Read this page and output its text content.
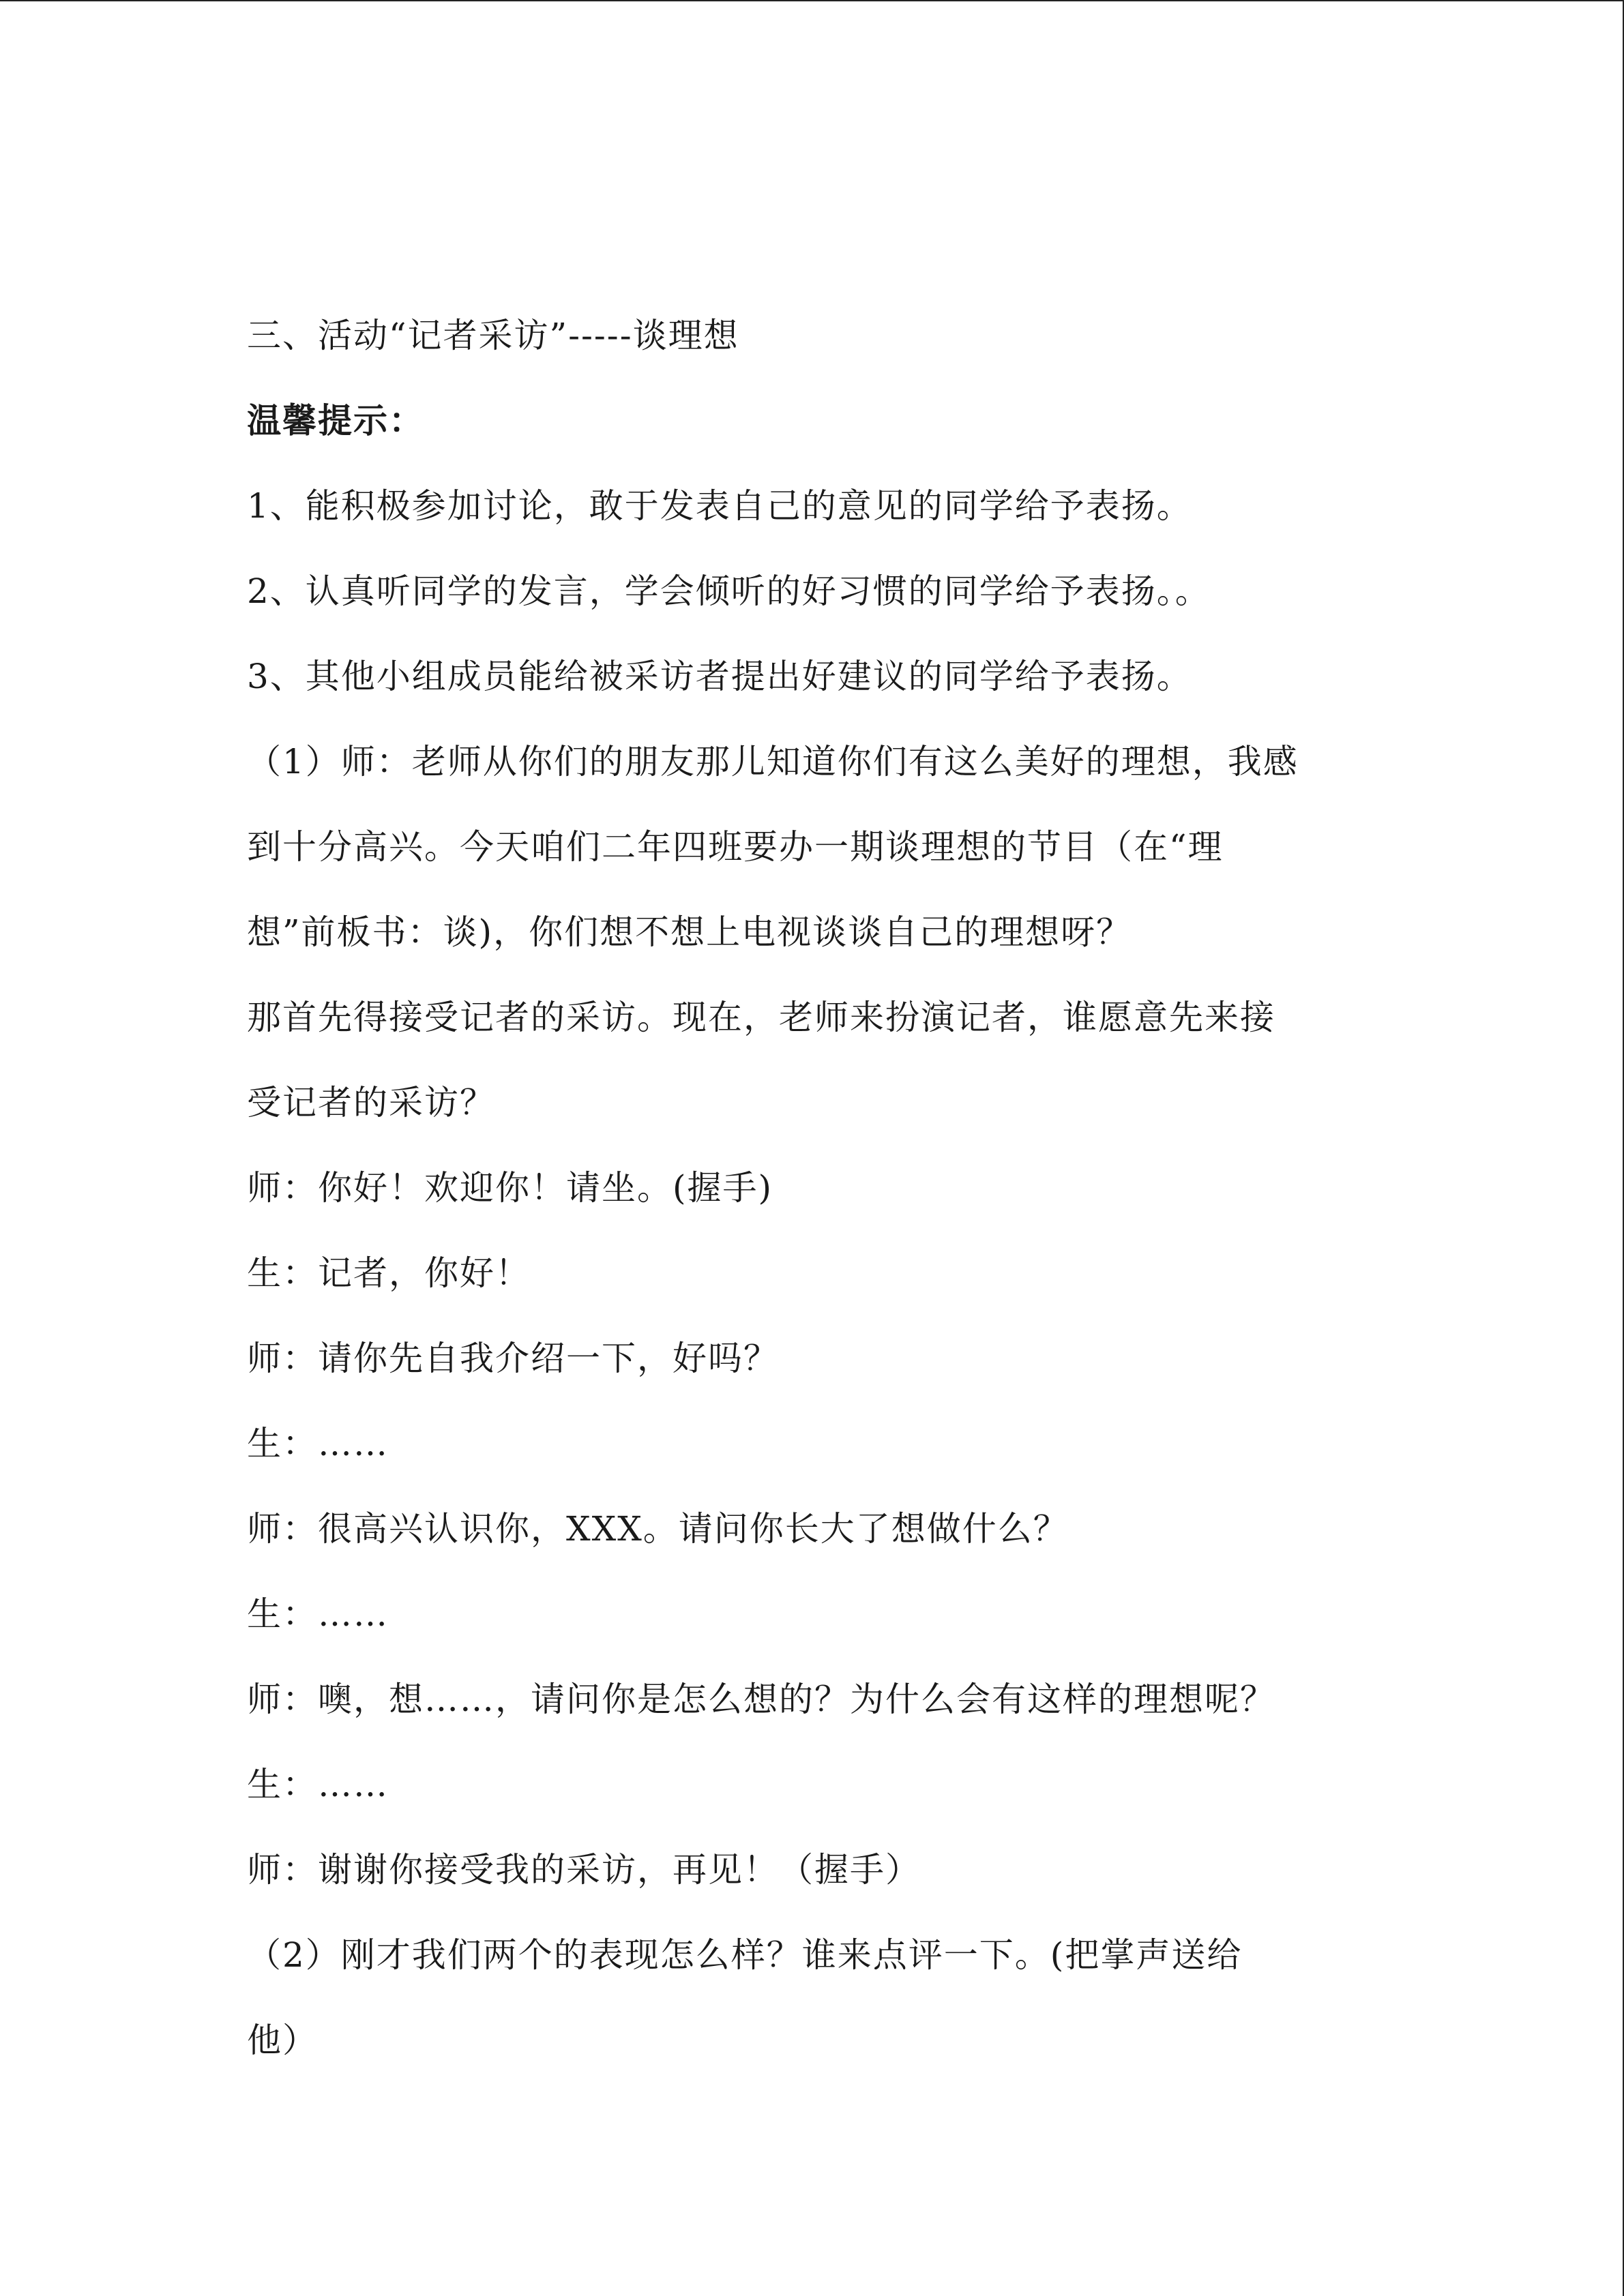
三、活动“记者采访”-----谈理想
温馨提示：
1、能积极参加讨论，敢于发表自己的意见的同学给予表扬。
2、认真听同学的发言，学会倾听的好习惯的同学给予表扬。。
3、其他小组成员能给被采访者提出好建议的同学给予表扬。
（1）师：老师从你们的朋友那儿知道你们有这么美好的理想，我感
到十分高兴。今天咱们二年四班要办一期谈理想的节目（在“理
想”前板书：谈)，你们想不想上电视谈谈自己的理想呀？
那首先得接受记者的采访。现在，老师来扮演记者，谁愿意先来接
受记者的采访？
师：你好！欢迎你！请坐。(握手)
生：记者，你好！
师：请你先自我介绍一下，好吗？
生：……
师：很高兴认识你，XXX。请问你长大了想做什么？
生：……
师：噢，想……，请问你是怎么想的？为什么会有这样的理想呢？
生：……
师：谢谢你接受我的采访，再见！（握手）
（2）刚才我们两个的表现怎么样？谁来点评一下。(把掌声送给
他）
